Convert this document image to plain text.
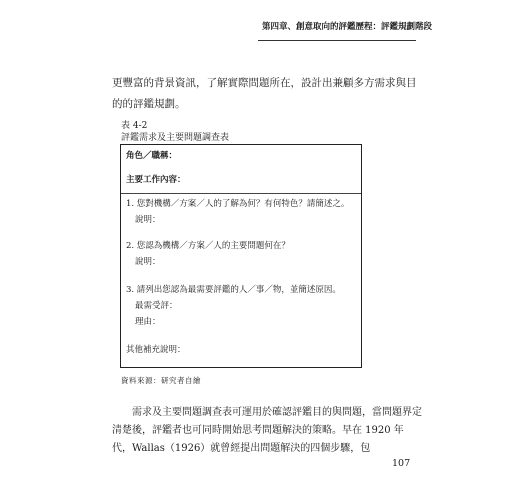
第四章、創意取向的評鑑歷程：評鑑規劃階段
更豐富的背景資訊，了解實際問題所在，設計出兼顧多方需求與目的的評鑑規劃。
表 4-2
評鑑需求及主要問題調查表
角色／職稱：
主要工作內容：
1. 您對機構／方案／人的了解為何？有何特色？請簡述之。
說明：
2. 您認為機構／方案／人的主要問題何在？
說明：
3. 請列出您認為最需要評鑑的人／事／物，並簡述原因。
最需受評：
理由：
其他補充說明：
資料來源：研究者自繪
需求及主要問題調查表可運用於確認評鑑目的與問題，當問題界定清楚後，評鑑者也可同時開始思考問題解決的策略。早在 1920 年代，Wallas（1926）就曾經提出問題解決的四個步驟，包
107
